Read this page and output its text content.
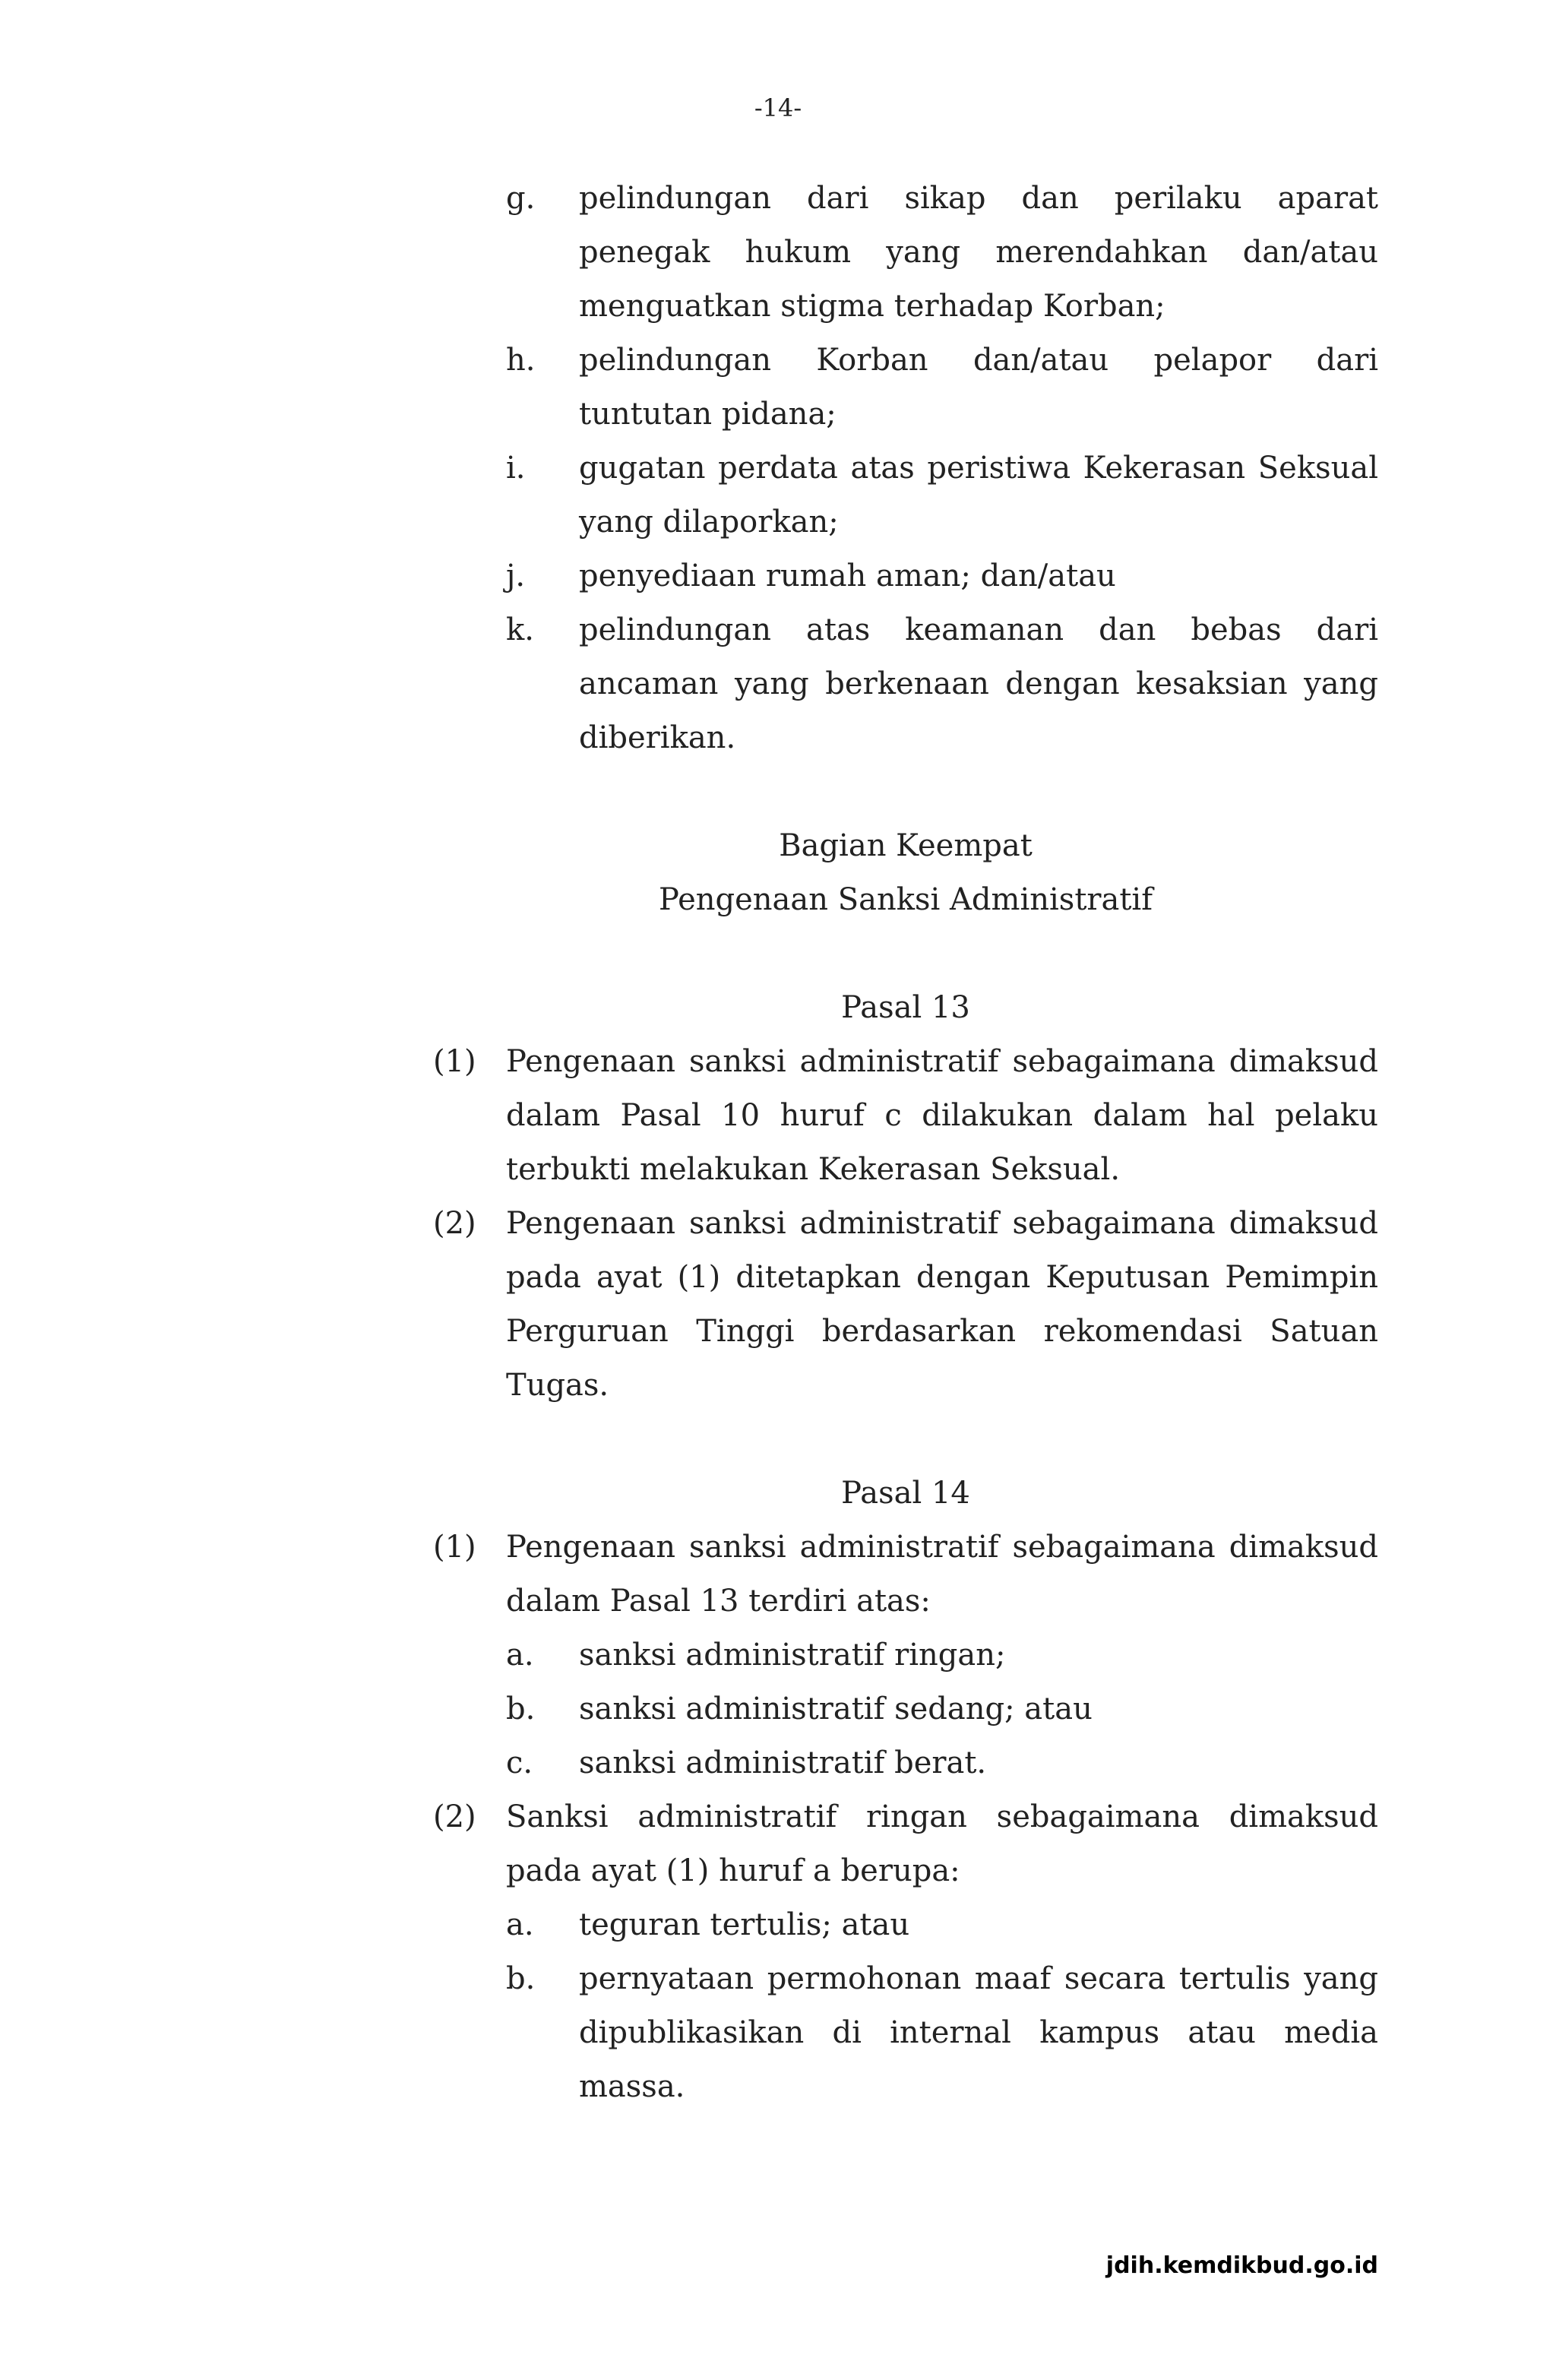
-14-
g.	pelindungan dari sikap dan perilaku aparat penegak hukum yang merendahkan dan/atau menguatkan stigma terhadap Korban;
h.	pelindungan Korban dan/atau pelapor dari tuntutan pidana;
i.	gugatan perdata atas peristiwa Kekerasan Seksual yang dilaporkan;
j.	penyediaan rumah aman; dan/atau
k.	pelindungan atas keamanan dan bebas dari ancaman yang berkenaan dengan kesaksian yang diberikan.
Bagian Keempat
Pengenaan Sanksi Administratif
Pasal 13
(1) Pengenaan sanksi administratif sebagaimana dimaksud dalam Pasal 10 huruf c dilakukan dalam hal pelaku terbukti melakukan Kekerasan Seksual.
(2) Pengenaan sanksi administratif sebagaimana dimaksud pada ayat (1) ditetapkan dengan Keputusan Pemimpin Perguruan Tinggi berdasarkan rekomendasi Satuan Tugas.
Pasal 14
(1) Pengenaan sanksi administratif sebagaimana dimaksud dalam Pasal 13 terdiri atas:
a.	sanksi administratif ringan;
b.	sanksi administratif sedang; atau
c.	sanksi administratif berat.
(2) Sanksi administratif ringan sebagaimana dimaksud pada ayat (1) huruf a berupa:
a.	teguran tertulis; atau
b.	pernyataan permohonan maaf secara tertulis yang dipublikasikan di internal kampus atau media massa.
jdih.kemdikbud.go.id
